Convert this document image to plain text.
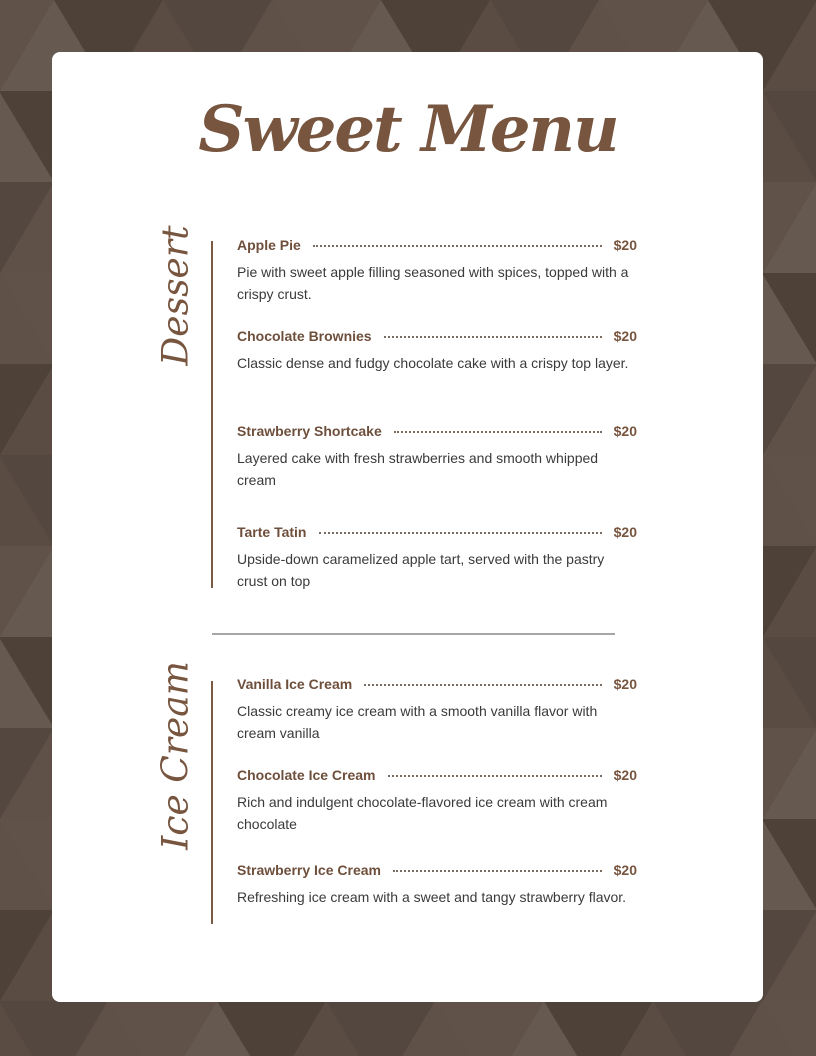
Sweet Menu
Dessert
Ice Cream
Apple Pie	$20
Pie with sweet apple filling seasoned with spices, topped with a crispy crust.
Chocolate Brownies	$20
Classic dense and fudgy chocolate cake with a crispy top layer.
Strawberry Shortcake	$20
Layered cake with fresh strawberries and smooth whipped cream
Tarte Tatin	$20
Upside-down caramelized apple tart, served with the pastry crust on top
Vanilla Ice Cream	$20
Classic creamy ice cream with a smooth vanilla flavor with cream vanilla
Chocolate Ice Cream	$20
Rich and indulgent chocolate-flavored ice cream with cream chocolate
Strawberry Ice Cream	$20
Refreshing ice cream with a sweet and tangy strawberry flavor.
